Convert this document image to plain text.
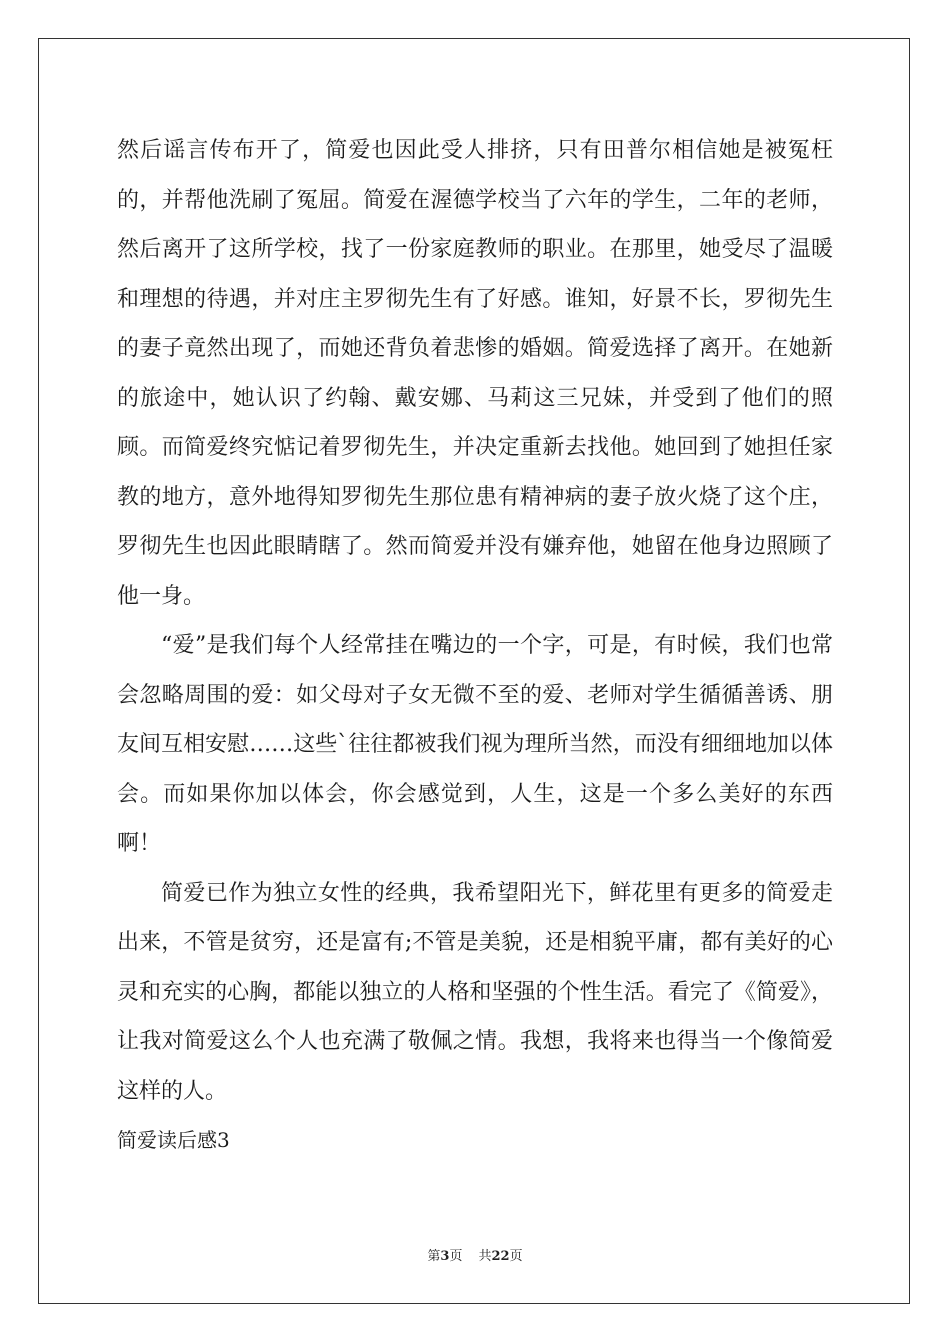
然后谣言传布开了，简爱也因此受人排挤，只有田普尔相信她是被冤枉的，并帮他洗刷了冤屈。简爱在渥德学校当了六年的学生，二年的老师，然后离开了这所学校，找了一份家庭教师的职业。在那里，她受尽了温暖和理想的待遇，并对庄主罗彻先生有了好感。谁知，好景不长，罗彻先生的妻子竟然出现了，而她还背负着悲惨的婚姻。简爱选择了离开。在她新的旅途中，她认识了约翰、戴安娜、马莉这三兄妹，并受到了他们的照顾。而简爱终究惦记着罗彻先生，并决定重新去找他。她回到了她担任家教的地方，意外地得知罗彻先生那位患有精神病的妻子放火烧了这个庄，罗彻先生也因此眼睛瞎了。然而简爱并没有嫌弃他，她留在他身边照顾了他一身。

“爱”是我们每个人经常挂在嘴边的一个字，可是，有时候，我们也常会忽略周围的爱：如父母对子女无微不至的爱、老师对学生循循善诱、朋友间互相安慰……这些`往往都被我们视为理所当然，而没有细细地加以体会。而如果你加以体会，你会感觉到，人生，这是一个多么美好的东西啊！

简爱已作为独立女性的经典，我希望阳光下，鲜花里有更多的简爱走出来，不管是贫穷，还是富有;不管是美貌，还是相貌平庸，都有美好的心灵和充实的心胸，都能以独立的人格和坚强的个性生活。看完了《简爱》，让我对简爱这么个人也充满了敬佩之情。我想，我将来也得当一个像简爱这样的人。

简爱读后感3

第3页 共22页
